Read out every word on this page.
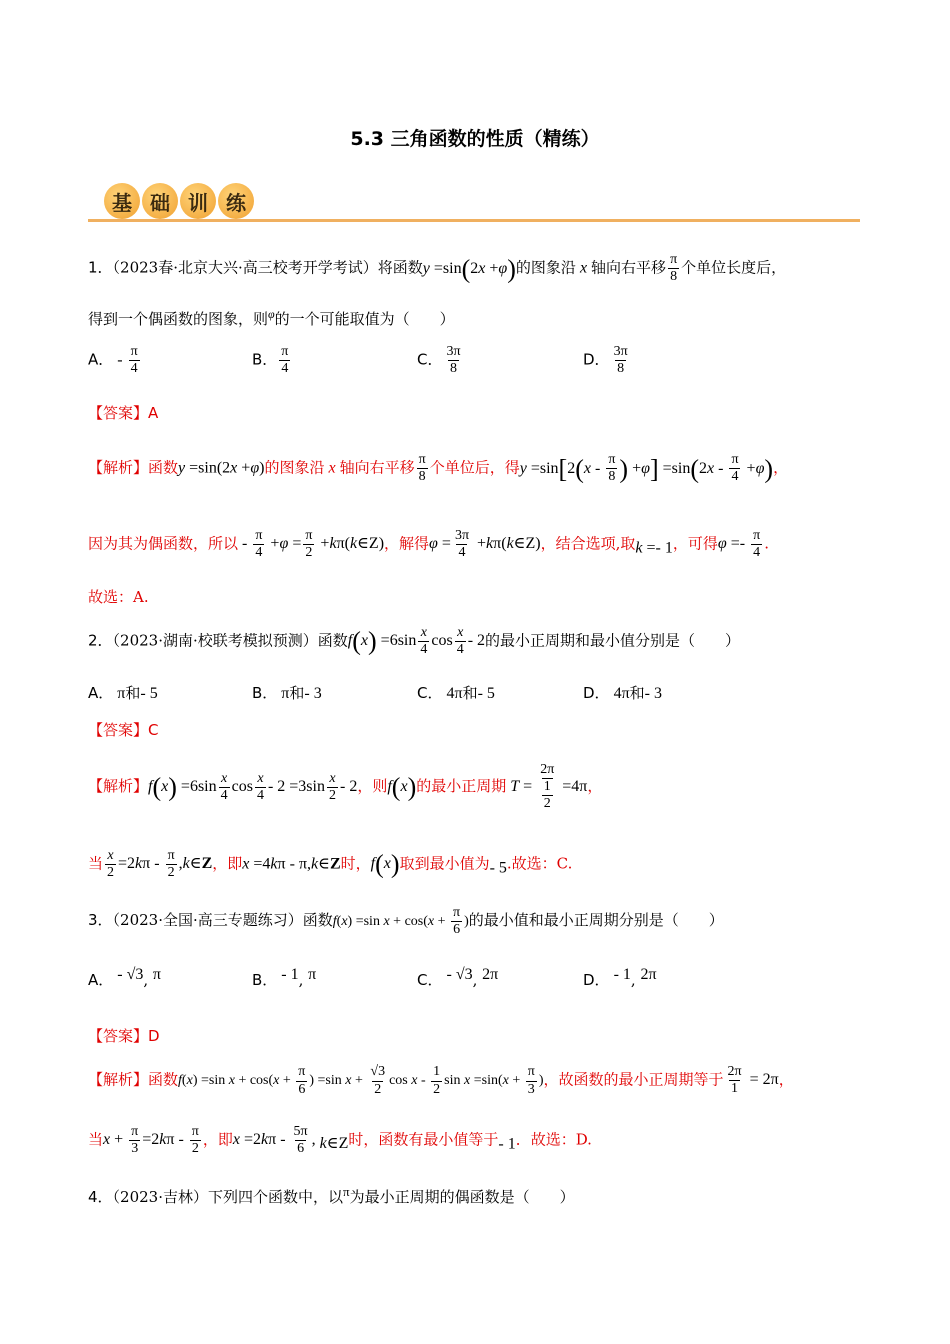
5.3 三角函数的性质（精练）
基 础 训 练
1．（2023春·北京大兴·高三校考开学考试）将函数y =sin(2x +φ)的图象沿 x 轴向右平移 $\frac{\pi}{8}$ 个单位长度后，
得到一个偶函数的图象，则$^\varphi$的一个可能取值为（　　）
A． - $\frac{\pi}{4}$	B． $\frac{\pi}{4}$	C． $\frac{3\pi}{8}$	D． $\frac{3\pi}{8}$
【答案】A
【解析】函数y =sin(2x +φ)的图象沿 x 轴向右平移 $\frac{\pi}{8}$ 个单位后，得$y =\sin[2(x - \frac{\pi}{8}$ ) $+\varphi] =\sin(2x - \frac{\pi}{4} +\varphi)$，
因为其为偶函数，所以 - $\frac{\pi}{4} +\varphi = \frac{\pi}{2}$ +kπ(k∈Z)，解得$\varphi = \frac{3\pi}{4}$ +kπ(k∈Z)，结合选项,取k =- 1，可得$\varphi =- \frac{\pi}{4}$ .
故选：A.
2．（2023·湖南·校联考模拟预测）函数$f(x) =6\sin \frac{x}{4}$ $\cos \frac{x}{4} - 2$的最小正周期和最小值分别是（　　）
A． π和- 5	B． π和- 3	C． 4π和- 5	D． 4π和- 3
【答案】C
【解析】$f(x) =6\sin \frac{x}{4}$ $\cos \frac{x}{4} - 2 =3\sin \frac{x}{2} - 2$，则f(x)的最小正周期 $T = \frac{\frac{2\pi}{1}}{2} =4\pi$，
当 $\frac{x}{2} =2k\pi - \frac{\pi}{2}$ ,k∈Z，即x =4kπ - π,k∈Z时，f(x)取到最小值为- 5.故选：C.
3．（2023·全国·高三专题练习）函数f(x) =sin $x + \cos(x + \frac{\pi}{6}$ )的最小值和最小正周期分别是（　　）
A． - √3, π	B． - 1, π	C． - √3, 2π	D． - 1, 2π
【答案】D
【解析】函数f(x) =sin $x + \cos(x + \frac{\pi}{6}$ ) =sin $x + \frac{√3}{2}$ cos x - $\frac{1}{2}$ $\sin x =\sin(x + \frac{\pi}{3}$ )，故函数的最小正周期等于 $\frac{2\pi}{1} = 2\pi$，
当$x + \frac{\pi}{3} =2k\pi - \frac{\pi}{2}$ ，即$x =2k\pi - \frac{5\pi}{6}$ , k∈Z时，函数有最小值等于- 1．故选：D.
4．（2023·吉林）下列四个函数中，以π为最小正周期的偶函数是（　　）
